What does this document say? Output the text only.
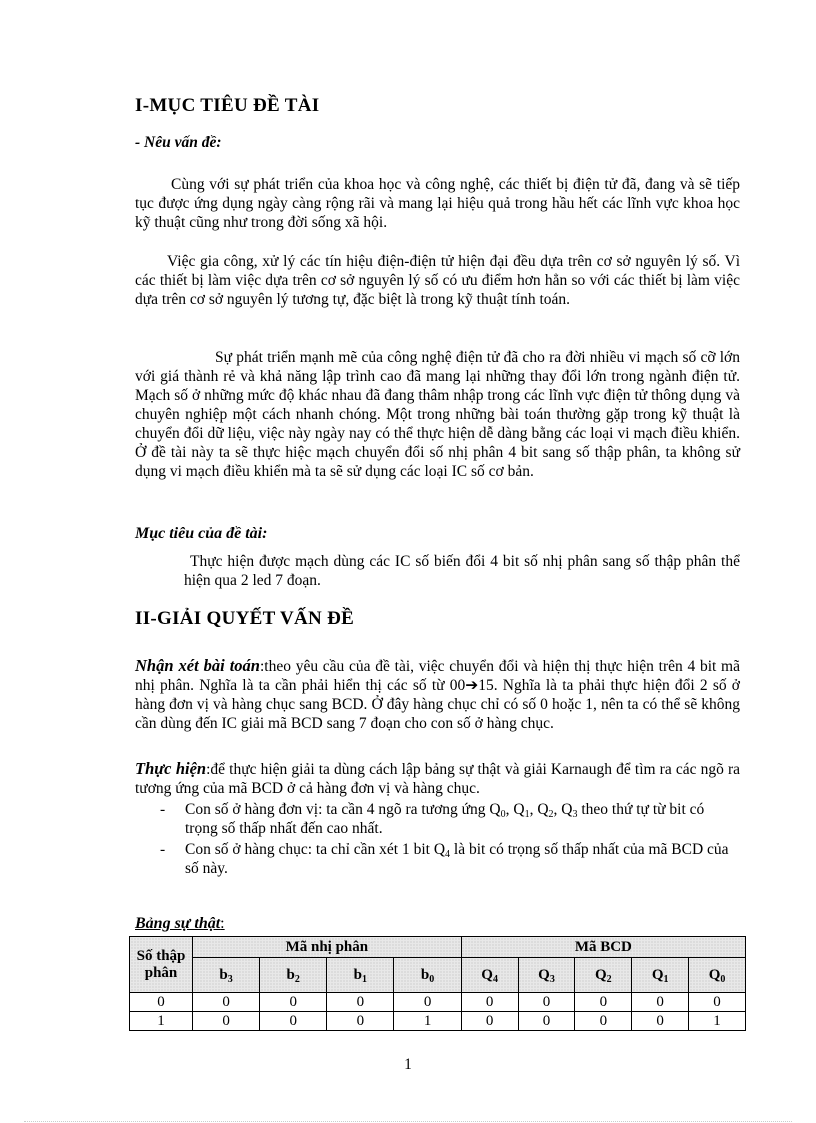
I-MỤC TIÊU ĐỀ TÀI

- Nêu vấn đề:

Cùng với sự phát triển của khoa học và công nghệ, các thiết bị điện tử đã, đang và sẽ tiếp tục được ứng dụng ngày càng rộng rãi và mang lại hiệu quả trong hầu hết các lĩnh vực khoa học kỹ thuật cũng như trong đời sống xã hội.

Việc gia công, xử lý các tín hiệu điện-điện tử hiện đại đều dựa trên cơ sở nguyên lý số. Vì các thiết bị làm việc dựa trên cơ sở nguyên lý số có ưu điểm hơn hẳn so với các thiết bị làm việc dựa trên cơ sở nguyên lý tương tự, đặc biệt là trong kỹ thuật tính toán.

Sự phát triển mạnh mẽ của công nghệ điện tử đã cho ra đời nhiều vi mạch số cỡ lớn với giá thành rẻ và khả năng lập trình cao đã mang lại những thay đổi lớn trong ngành điện tử. Mạch số ở những mức độ khác nhau đã đang thâm nhập trong các lĩnh vực điện tử thông dụng và chuyên nghiệp một cách nhanh chóng. Một trong những bài toán thường gặp trong kỹ thuật là chuyển đổi dữ liệu, việc này ngày nay có thể thực hiện dễ dàng bằng các loại vi mạch điều khiển. Ở đề tài này ta sẽ thực hiệc mạch chuyển đổi số nhị phân 4 bit sang số thập phân, ta không sử dụng vi mạch điều khiển mà ta sẽ sử dụng các loại IC số cơ bản.

Mục tiêu của đề tài:

Thực hiện được mạch dùng các IC số biến đổi 4 bit số nhị phân sang số thập phân thể hiện qua 2 led 7 đoạn.

II-GIẢI QUYẾT VẤN ĐỀ

Nhận xét bài toán:theo yêu cầu của đề tài, việc chuyển đổi và hiện thị thực hiện trên 4 bit mã nhị phân. Nghĩa là ta cần phải hiển thị các số từ 00➔15. Nghĩa là ta phải thực hiện đổi 2 số ở hàng đơn vị và hàng chục sang BCD. Ở đây hàng chục chỉ có số 0 hoặc 1, nên ta có thể sẽ không cần dùng đến IC giải mã BCD sang 7 đoạn cho con số ở hàng chục.

Thực hiện:để thực hiện giải ta dùng cách lập bảng sự thật và giải Karnaugh để tìm ra các ngõ ra tương ứng của mã BCD ở cả hàng đơn vị và hàng chục.

- Con số ở hàng đơn vị: ta cần 4 ngõ ra tương ứng $Q_0$, $Q_1$, $Q_2$, $Q_3$ theo thứ tự từ bit có trọng số thấp nhất đến cao nhất.
- Con số ở hàng chục: ta chỉ cần xét 1 bit $Q_4$ là bit có trọng số thấp nhất của mã BCD của số này.

Bảng sự thật:

Số thập phân	Mã nhị phân				Mã BCD				
	$b_3$	$b_2$	$b_1$	$b_0$	$Q_4$	$Q_3$	$Q_2$	$Q_1$	$Q_0$
0	0	0	0	0	0	0	0	0	0
1	0	0	0	1	0	0	0	0	1
1
